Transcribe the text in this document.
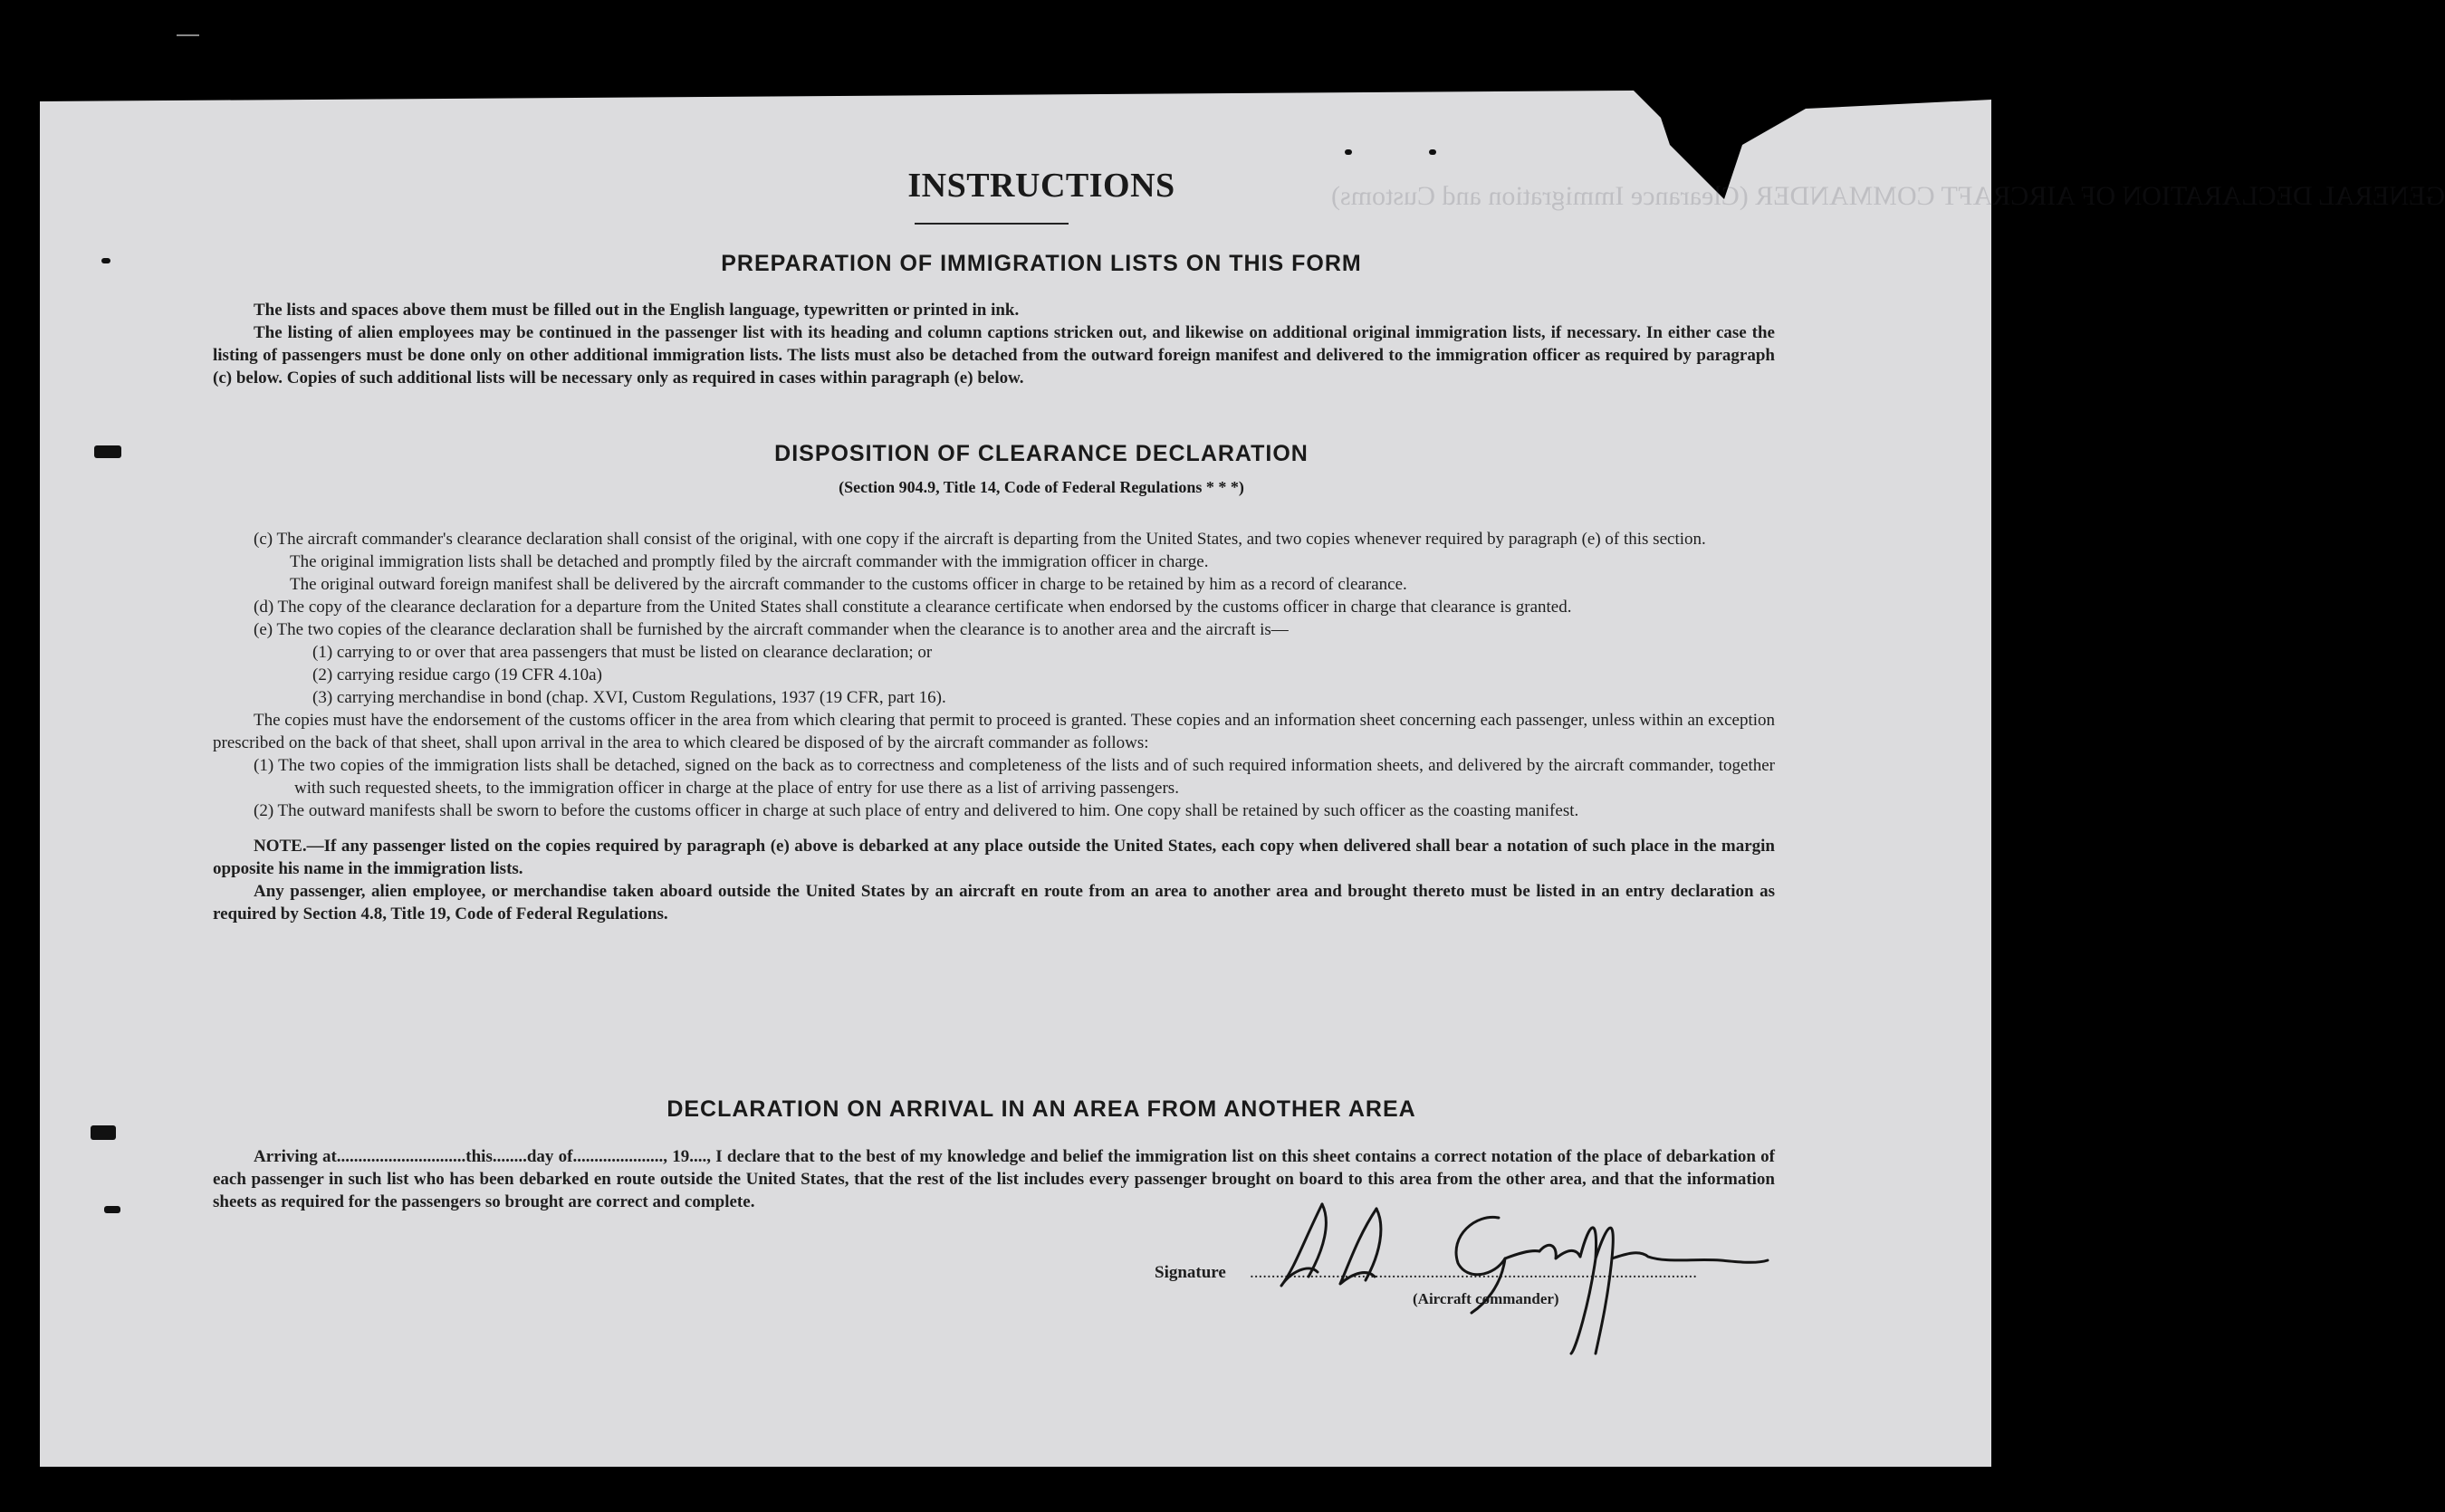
GENERAL DECLARATION OF AIRCRAFT COMMANDER (Clearance Immigration and Customs)
INSTRUCTIONS
PREPARATION OF IMMIGRATION LISTS ON THIS FORM

The lists and spaces above them must be filled out in the English language, typewritten or printed in ink.

The listing of alien employees may be continued in the passenger list with its heading and column captions stricken out, and likewise on additional original immigration lists, if necessary. In either case the listing of passengers must be done only on other additional immigration lists. The lists must also be detached from the outward foreign manifest and delivered to the immigration officer as required by paragraph (c) below. Copies of such additional lists will be necessary only as required in cases within paragraph (e) below.

DISPOSITION OF CLEARANCE DECLARATION
(Section 904.9, Title 14, Code of Federal Regulations * * *)

(c) The aircraft commander's clearance declaration shall consist of the original, with one copy if the aircraft is departing from the United States, and two copies whenever required by paragraph (e) of this section.

The original immigration lists shall be detached and promptly filed by the aircraft commander with the immigration officer in charge.

The original outward foreign manifest shall be delivered by the aircraft commander to the customs officer in charge to be retained by him as a record of clearance.

(d) The copy of the clearance declaration for a departure from the United States shall constitute a clearance certificate when endorsed by the customs officer in charge that clearance is granted.

(e) The two copies of the clearance declaration shall be furnished by the aircraft commander when the clearance is to another area and the aircraft is—

(1) carrying to or over that area passengers that must be listed on clearance declaration; or

(2) carrying residue cargo (19 CFR 4.10a)

(3) carrying merchandise in bond (chap. XVI, Custom Regulations, 1937 (19 CFR, part 16).

The copies must have the endorsement of the customs officer in the area from which clearing that permit to proceed is granted. These copies and an information sheet concerning each passenger, unless within an exception prescribed on the back of that sheet, shall upon arrival in the area to which cleared be disposed of by the aircraft commander as follows:

(1) The two copies of the immigration lists shall be detached, signed on the back as to correctness and completeness of the lists and of such required information sheets, and delivered by the aircraft commander, together with such requested sheets, to the immigration officer in charge at the place of entry for use there as a list of arriving passengers.

(2) The outward manifests shall be sworn to before the customs officer in charge at such place of entry and delivered to him. One copy shall be retained by such officer as the coasting manifest.

NOTE.—If any passenger listed on the copies required by paragraph (e) above is debarked at any place outside the United States, each copy when delivered shall bear a notation of such place in the margin opposite his name in the immigration lists.

Any passenger, alien employee, or merchandise taken aboard outside the United States by an aircraft en route from an area to another area and brought thereto must be listed in an entry declaration as required by Section 4.8, Title 19, Code of Federal Regulations.

DECLARATION ON ARRIVAL IN AN AREA FROM ANOTHER AREA

Arriving at..............................this........day of....................., 19...., I declare that to the best of my knowledge and belief the immigration list on this sheet contains a correct notation of the place of debarkation of each passenger in such list who has been debarked en route outside the United States, that the rest of the list includes every passenger brought on board to this area from the other area, and that the information sheets as required for the passengers so brought are correct and complete.

Signature ........................................................................................................
(Aircraft commander)
